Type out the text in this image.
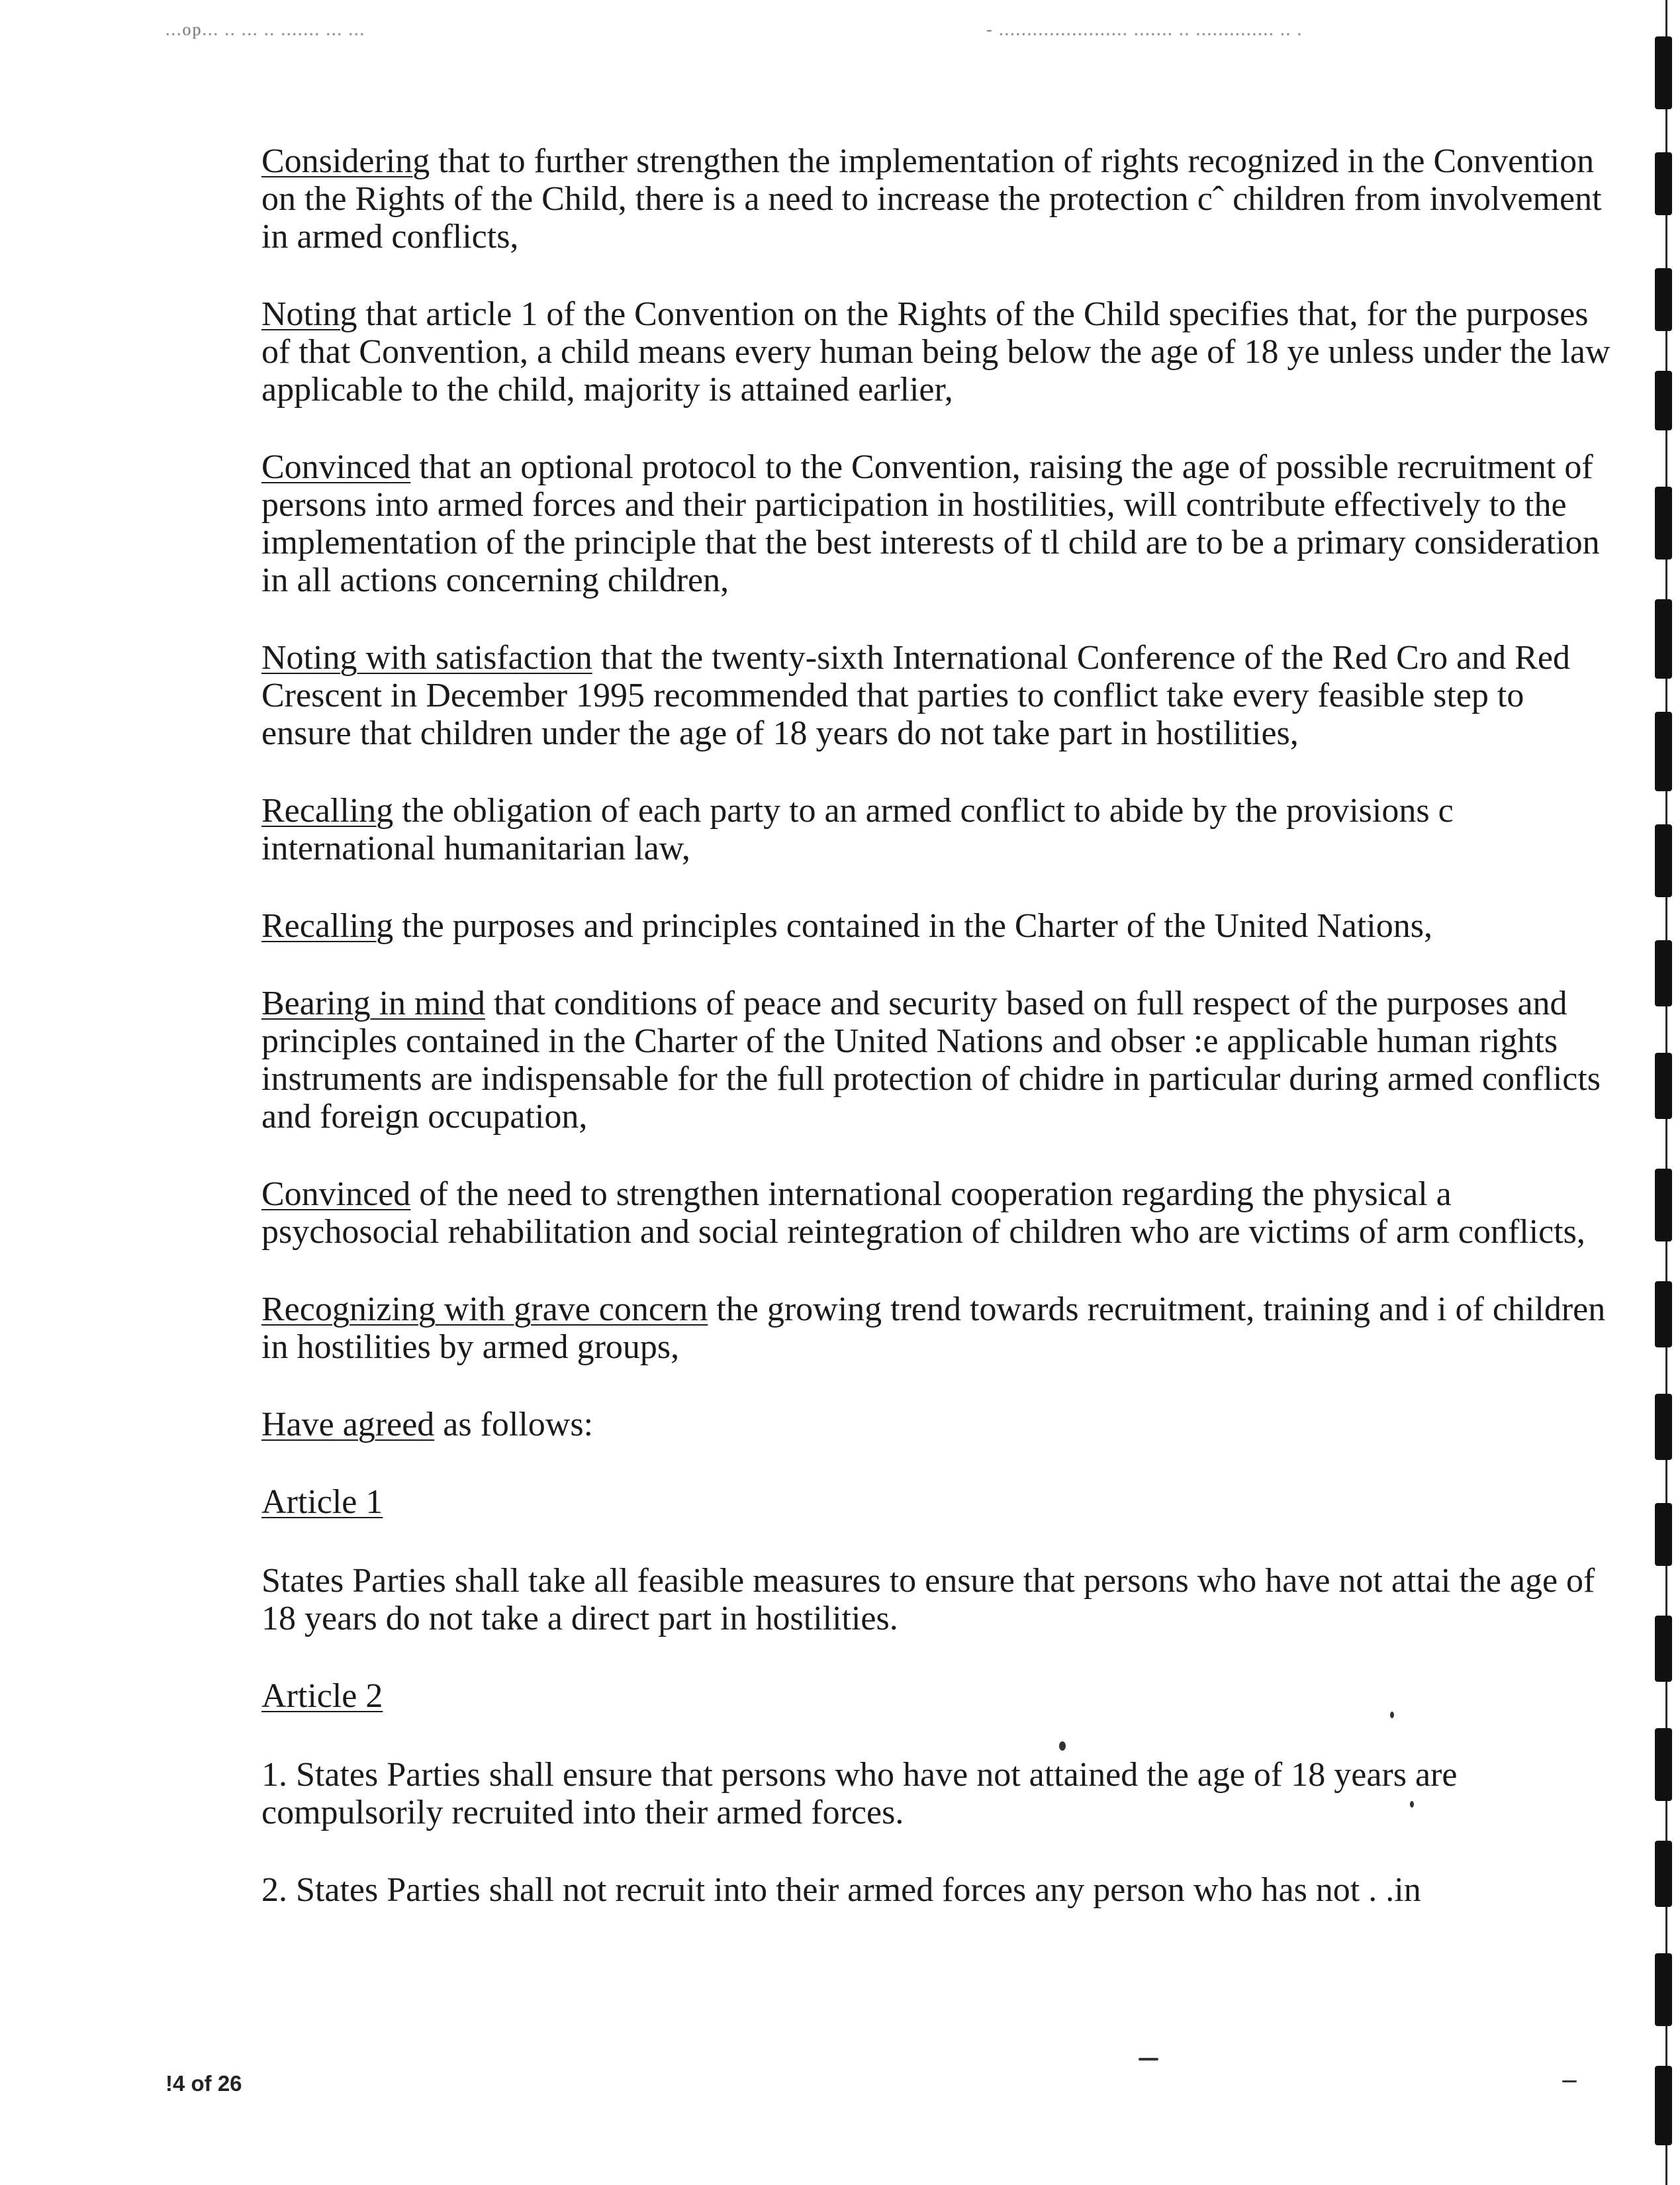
...op... .. ... .. ....... ... ...	- ....................... ....... .. .............. .. .

Considering that to further strengthen the implementation of rights recognized in the Convention on the Rights of the Child, there is a need to increase the protection cˆ children from involvement in armed conflicts,

Noting that article 1 of the Convention on the Rights of the Child specifies that, for the purposes of that Convention, a child means every human being below the age of 18 ye unless under the law applicable to the child, majority is attained earlier,

Convinced that an optional protocol to the Convention, raising the age of possible recruitment of persons into armed forces and their participation in hostilities, will contribute effectively to the implementation of the principle that the best interests of tl child are to be a primary consideration in all actions concerning children,

Noting with satisfaction that the twenty-sixth International Conference of the Red Cro and Red Crescent in December 1995 recommended that parties to conflict take every feasible step to ensure that children under the age of 18 years do not take part in hostilities,

Recalling the obligation of each party to an armed conflict to abide by the provisions c international humanitarian law,

Recalling the purposes and principles contained in the Charter of the United Nations,

Bearing in mind that conditions of peace and security based on full respect of the purposes and principles contained in the Charter of the United Nations and obser :e applicable human rights instruments are indispensable for the full protection of chidre in particular during armed conflicts and foreign occupation,

Convinced of the need to strengthen international cooperation regarding the physical a psychosocial rehabilitation and social reintegration of children who are victims of arm conflicts,

Recognizing with grave concern the growing trend towards recruitment, training and i of children in hostilities by armed groups,

Have agreed as follows:

Article 1

States Parties shall take all feasible measures to ensure that persons who have not attai the age of 18 years do not take a direct part in hostilities.

Article 2

1. States Parties shall ensure that persons who have not attained the age of 18 years are compulsorily recruited into their armed forces.

2. States Parties shall not recruit into their armed forces any person who has not . .in

!4 of 26
